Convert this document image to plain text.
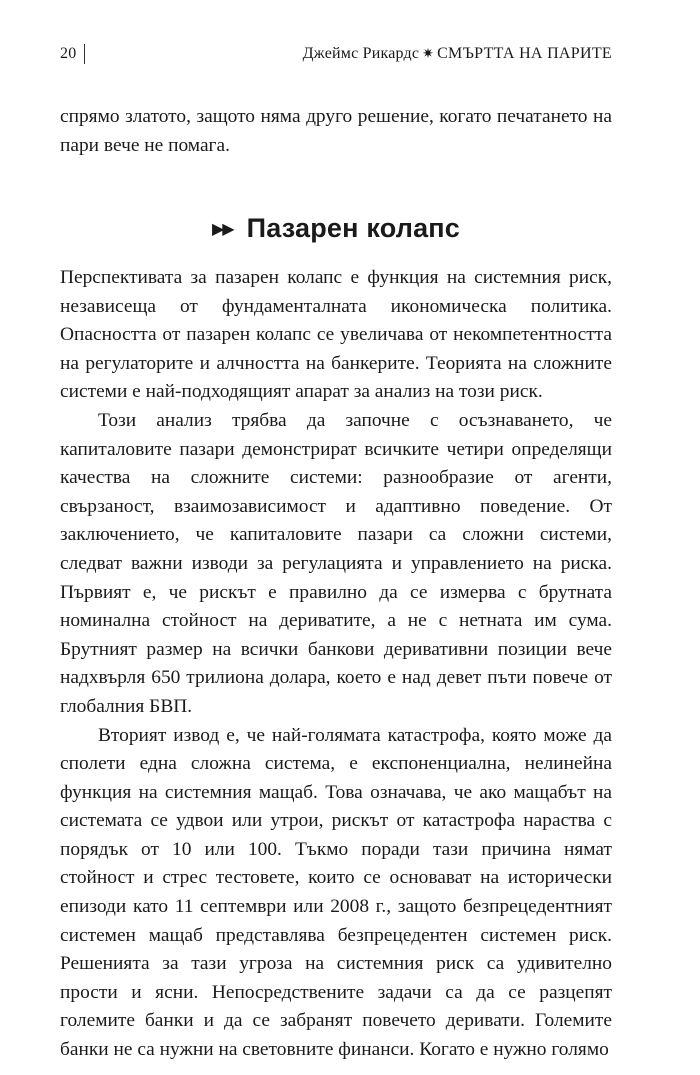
20	Джеймс Рикардс ✷ СМЪРТТА НА ПАРИТЕ

спрямо златото, защото няма друго решение, когато печатането на пари вече не помага.

▶▶ Пазарен колапс

Перспективата за пазарен колапс е функция на системния риск, независеща от фундаменталната икономическа политика. Опасността от пазарен колапс се увеличава от некомпетентността на регулаторите и алчността на банкерите. Теорията на сложните системи е най-подходящият апарат за анализ на този риск.

Този анализ трябва да започне с осъзнаването, че капиталовите пазари демонстрират всичките четири определящи качества на сложните системи: разнообразие от агенти, свързаност, взаимозависимост и адаптивно поведение. От заключението, че капиталовите пазари са сложни системи, следват важни изводи за регулацията и управлението на риска. Първият е, че рискът е правилно да се измерва с брутната номинална стойност на дериватите, а не с нетната им сума. Брутният размер на всички банкови деривативни позиции вече надхвърля 650 трилиона долара, което е над девет пъти повече от глобалния БВП.

Вторият извод е, че най-голямата катастрофа, която може да сполети една сложна система, е експоненциална, нелинейна функция на системния мащаб. Това означава, че ако мащабът на системата се удвои или утрои, рискът от катастрофа нараства с порядък от 10 или 100. Тъкмо поради тази причина нямат стойност и стрес тестовете, които се основават на исторически епизоди като 11 септември или 2008 г., защото безпрецедентният системен мащаб представлява безпрецедентен системен риск. Решенията за тази угроза на системния риск са удивително прости и ясни. Непосредствените задачи са да се разцепят големите банки и да се забранят повечето деривати. Големите банки не са нужни на световните финанси. Когато е нужно голямо
